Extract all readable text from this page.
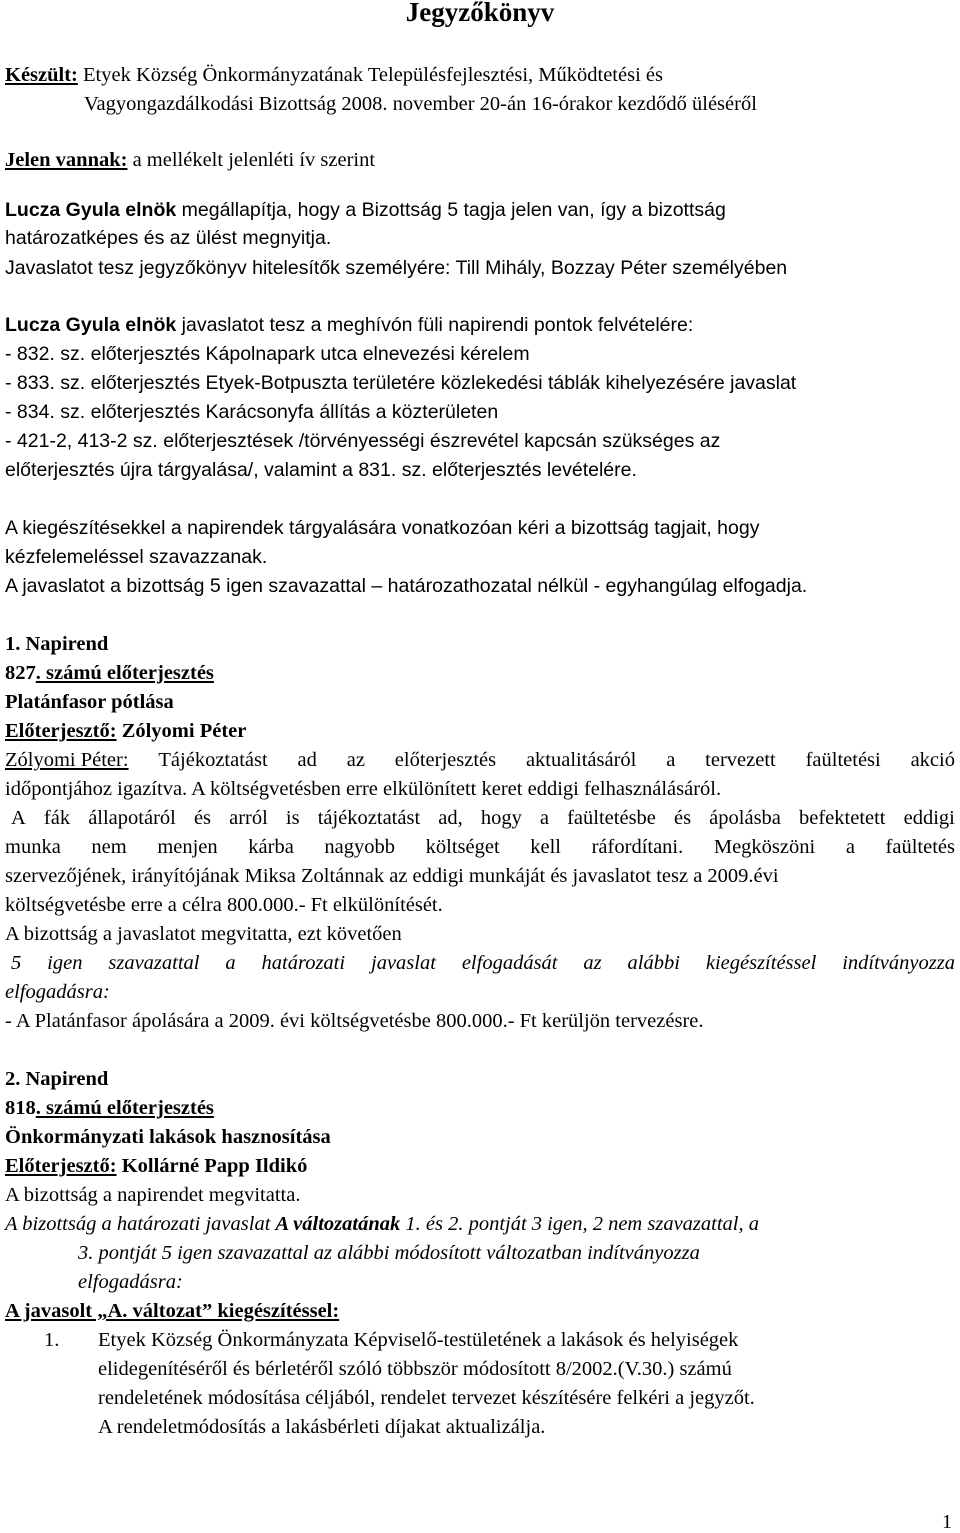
Jegyzőkönyv
Készült: Etyek Község Önkormányzatának Településfejlesztési, Működtetési és
Vagyongazdálkodási Bizottság 2008. november 20-án 16-órakor kezdődő üléséről
Jelen vannak: a mellékelt jelenléti ív szerint
Lucza Gyula elnök megállapítja, hogy a Bizottság 5 tagja jelen van, így a bizottság
határozatképes és az ülést megnyitja.
Javaslatot tesz jegyzőkönyv hitelesítők személyére: Till Mihály, Bozzay Péter személyében
Lucza Gyula elnök javaslatot tesz a meghívón füli napirendi pontok felvételére:
- 832. sz. előterjesztés Kápolnapark utca elnevezési kérelem
- 833. sz. előterjesztés Etyek-Botpuszta területére közlekedési táblák kihelyezésére javaslat
- 834. sz. előterjesztés Karácsonyfa állítás a közterületen
- 421-2, 413-2 sz. előterjesztések /törvényességi észrevétel kapcsán szükséges az
előterjesztés újra tárgyalása/, valamint a 831. sz. előterjesztés levételére.
A kiegészítésekkel a napirendek tárgyalására vonatkozóan kéri a bizottság tagjait, hogy
kézfelemeléssel szavazzanak.
A javaslatot a bizottság 5 igen szavazattal – határozathozatal nélkül - egyhangúlag elfogadja.
1. Napirend
827. számú előterjesztés
Platánfasor pótlása
Előterjesztő: Zólyomi Péter
Zólyomi Péter: Tájékoztatást ad az előterjesztés aktualitásáról a tervezett faültetési akció
időpontjához igazítva. A költségvetésben erre elkülönített keret eddigi felhasználásáról.
A fák állapotáról és arról is tájékoztatást ad, hogy a faültetésbe és ápolásba befektetett eddigi
munka nem menjen kárba nagyobb költséget kell ráfordítani. Megköszöni a faültetés
szervezőjének, irányítójának Miksa Zoltánnak az eddigi munkáját és javaslatot tesz a 2009.évi
költségvetésbe erre a célra 800.000.- Ft elkülönítését.
A bizottság a javaslatot megvitatta, ezt követően
5 igen szavazattal a határozati javaslat elfogadását az alábbi kiegészítéssel indítványozza
elfogadásra:
- A Platánfasor ápolására a 2009. évi költségvetésbe 800.000.- Ft kerüljön tervezésre.
2. Napirend
818. számú előterjesztés
Önkormányzati lakások hasznosítása
Előterjesztő: Kollárné Papp Ildikó
A bizottság a napirendet megvitatta.
A bizottság a határozati javaslat A változatának 1. és 2. pontját 3 igen, 2 nem szavazattal, a
3. pontját 5 igen szavazattal az alábbi módosított változatban indítványozza
elfogadásra:
A javasolt „A. változat” kiegészítéssel:
1. Etyek Község Önkormányzata Képviselő-testületének a lakások és helyiségek
elidegenítéséről és bérletéről szóló többször módosított 8/2002.(V.30.) számú
rendeletének módosítása céljából, rendelet tervezet készítésére felkéri a jegyzőt.
A rendeletmódosítás a lakásbérleti díjakat aktualizálja.
1
